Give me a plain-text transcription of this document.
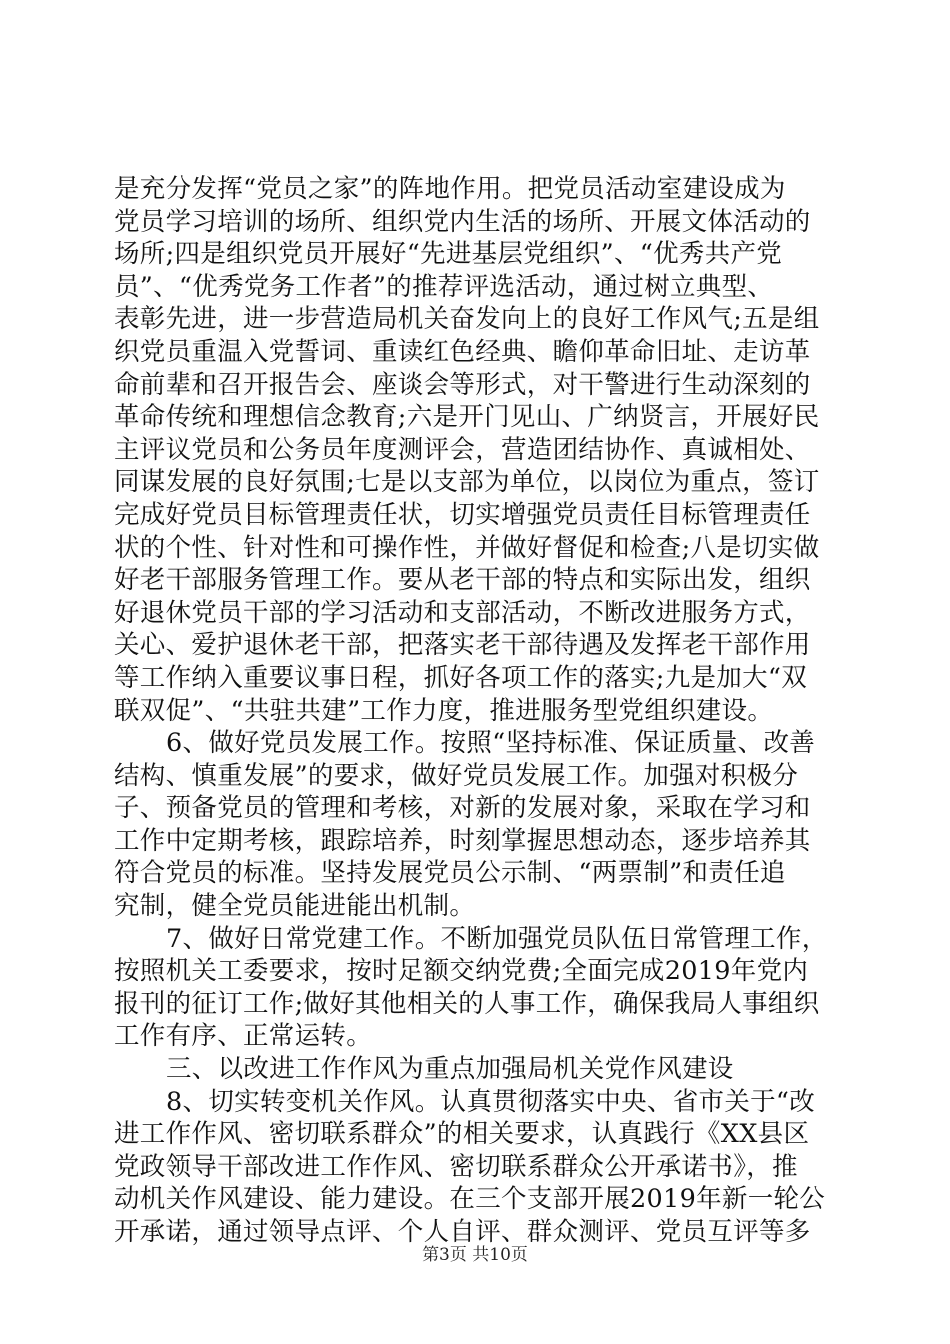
是充分发挥“党员之家”的阵地作用。把党员活动室建设成为
党员学习培训的场所、组织党内生活的场所、开展文体活动的
场所;四是组织党员开展好“先进基层党组织”、“优秀共产党
员”、“优秀党务工作者”的推荐评选活动，通过树立典型、
表彰先进，进一步营造局机关奋发向上的良好工作风气;五是组
织党员重温入党誓词、重读红色经典、瞻仰革命旧址、走访革
命前辈和召开报告会、座谈会等形式，对干警进行生动深刻的
革命传统和理想信念教育;六是开门见山、广纳贤言，开展好民
主评议党员和公务员年度测评会，营造团结协作、真诚相处、
同谋发展的良好氛围;七是以支部为单位，以岗位为重点，签订
完成好党员目标管理责任状，切实增强党员责任目标管理责任
状的个性、针对性和可操作性，并做好督促和检查;八是切实做
好老干部服务管理工作。要从老干部的特点和实际出发，组织
好退休党员干部的学习活动和支部活动，不断改进服务方式，
关心、爱护退休老干部，把落实老干部待遇及发挥老干部作用
等工作纳入重要议事日程，抓好各项工作的落实;九是加大“双
联双促”、“共驻共建”工作力度，推进服务型党组织建设。
6、做好党员发展工作。按照“坚持标准、保证质量、改善
结构、慎重发展”的要求，做好党员发展工作。加强对积极分
子、预备党员的管理和考核，对新的发展对象，采取在学习和
工作中定期考核，跟踪培养，时刻掌握思想动态，逐步培养其
符合党员的标准。坚持发展党员公示制、“两票制”和责任追
究制，健全党员能进能出机制。
7、做好日常党建工作。不断加强党员队伍日常管理工作，
按照机关工委要求，按时足额交纳党费;全面完成2019年党内
报刊的征订工作;做好其他相关的人事工作，确保我局人事组织
工作有序、正常运转。
三、以改进工作作风为重点加强局机关党作风建设
8、切实转变机关作风。认真贯彻落实中央、省市关于“改
进工作作风、密切联系群众”的相关要求，认真践行《XX县区
党政领导干部改进工作作风、密切联系群众公开承诺书》，推
动机关作风建设、能力建设。在三个支部开展2019年新一轮公
开承诺，通过领导点评、个人自评、群众测评、党员互评等多
第3页 共10页
